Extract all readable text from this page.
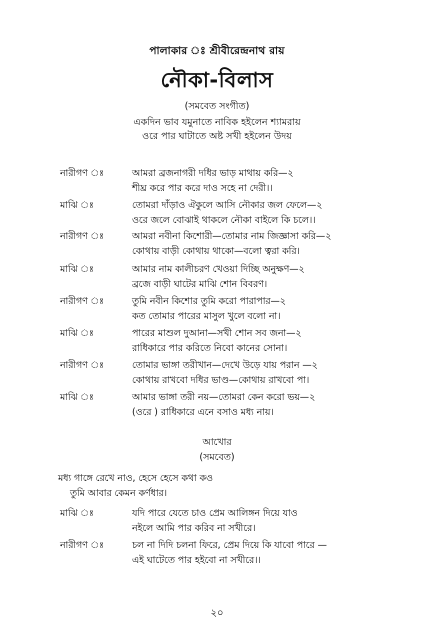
পালাকার ঃ শ্রীবীরেন্দ্রনাথ রায়
নৌকা-বিলাস
(সমবেত সংগীত)
একদিন ভাব যমুনাতে নাবিক হইলেন শ্যামরায়
ওরে পার ঘাটাতে অষ্ট সখী হইলেন উদয়
নারীগণ ঃ	আমরা ব্রজনাগরী দধির ভাড় মাথায় করি—২
শীঘ্র করে পার করে দাও সহে না দেরী।।
মাঝি ঃ	তোমরা দাঁড়াও ঐকুলে আসি নৌকার জল ফেলে—২
ওরে জলে বোঝাই থাকলে নৌকা বাইলে কি চলে।।
নারীগণ ঃ	আমরা নবীনা কিশোরী—তোমার নাম জিজ্ঞাসা করি—২
কোথায় বাড়ী কোথায় থাকো—বলো ত্বরা করি।
মাঝি ঃ	আমার নাম কালীচরণ খেওয়া দিচ্ছি অনুক্ষণ—২
ব্রজে বাড়ী ঘাটের মাঝি শোন বিবরণ।
নারীগণ ঃ	তুমি নবীন কিশোর তুমি করো পারাপার—২
কত তোমার পারের মাসুল খুলে বলো না।
মাঝি ঃ	পারের মাশুল দুআনা—সখী শোন সব জনা—২
রাধিকারে পার করিতে নিবো কানের সোনা।
নারীগণ ঃ	তোমার ভাঙ্গা তরীখান—দেখে উড়ে যায় পরান —২
কোথায় রাখবো দধির ভাণ্ড—কোথায় রাখবো পা।
মাঝি ঃ	আমার ভাঙ্গা তরী নয়—তোমরা কেন করো ভয়—২
(ওরে ) রাধিকারে এনে বসাও মধ্য নায়।
আখোর
(সমবেত)
মধ্য গাঙ্গে রেখে নাও, হেসে হেসে কথা কও
তুমি আবার কেমন কর্ণধার।
মাঝি ঃ	যদি পারে যেতে চাও প্রেম আলিঙ্গন দিয়ে যাও
নইলে আমি পার করিব না সখীরে।
নারীগণ ঃ	চল না দিদি চলনা ফিরে, প্রেম দিয়ে কি যাবো পারে —
এই ঘাটেতে পার হইবো না সখীরে।।
২০
